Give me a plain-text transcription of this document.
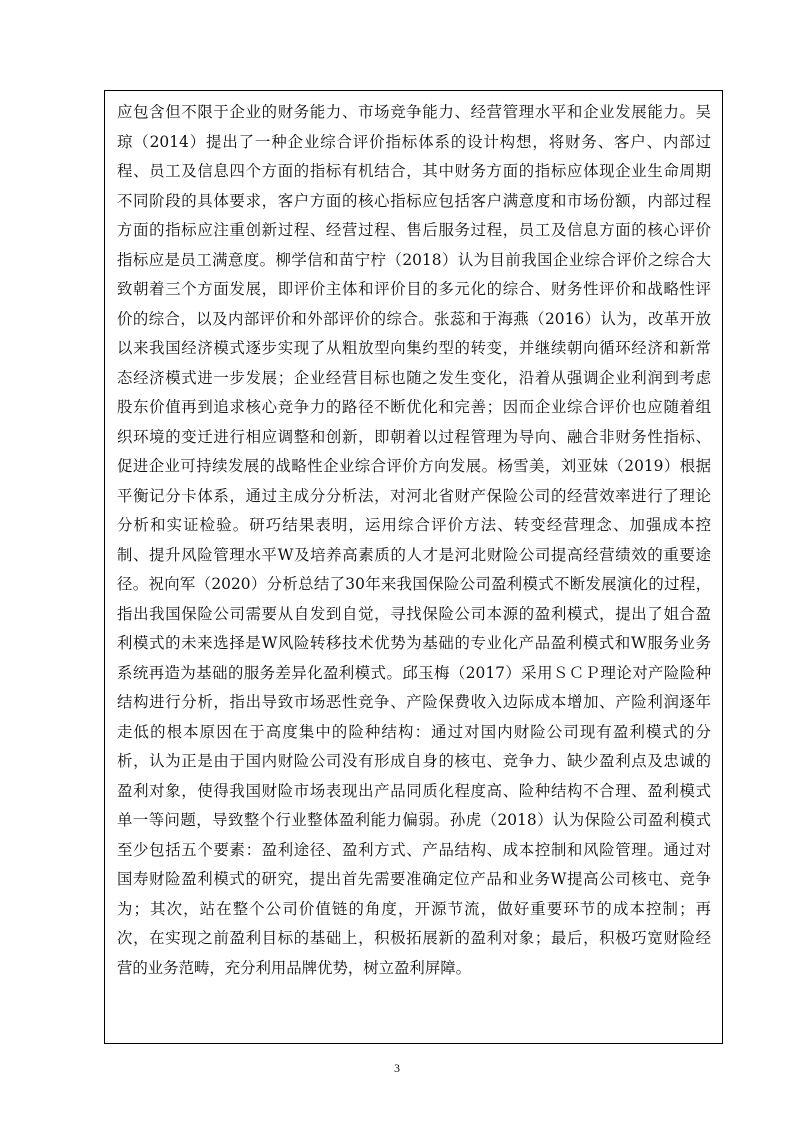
应包含但不限于企业的财务能力、市场竞争能力、经营管理水平和企业发展能力。吴
琼（2014）提出了一种企业综合评价指标体系的设计构想，将财务、客户、内部过
程、员工及信息四个方面的指标有机结合，其中财务方面的指标应体现企业生命周期
不同阶段的具体要求，客户方面的核心指标应包括客户满意度和市场份额，内部过程
方面的指标应注重创新过程、经营过程、售后服务过程，员工及信息方面的核心评价
指标应是员工满意度。柳学信和苗宁柠（2018）认为目前我国企业综合评价之综合大
致朝着三个方面发展，即评价主体和评价目的多元化的综合、财务性评价和战略性评
价的综合，以及内部评价和外部评价的综合。张蕊和于海燕（2016）认为，改革开放
以来我国经济模式逐步实现了从粗放型向集约型的转变，并继续朝向循环经济和新常
态经济模式进一步发展；企业经营目标也随之发生变化，沿着从强调企业利润到考虑
股东价值再到追求核心竞争力的路径不断优化和完善；因而企业综合评价也应随着组
织环境的变迁进行相应调整和创新，即朝着以过程管理为导向、融合非财务性指标、
促进企业可持续发展的战略性企业综合评价方向发展。杨雪美，刘亚妹（2019）根据
平衡记分卡体系，通过主成分分析法，对河北省财产保险公司的经营效率进行了理论
分析和实证检验。研巧结果表明，运用综合评价方法、转变经营理念、加强成本控
制、提升风险管理水平W及培养高素质的人才是河北财险公司提高经营绩效的重要途
径。祝向军（2020）分析总结了30年来我国保险公司盈利模式不断发展演化的过程，
指出我国保险公司需要从自发到自觉，寻找保险公司本源的盈利模式，提出了姐合盈
利模式的未来选择是W风险转移技术优势为基础的专业化产品盈利模式和W服务业务
系统再造为基础的服务差异化盈利模式。邱玉梅（2017）采用ＳＣＰ理论对产险险种
结构进行分析，指出导致市场恶性竞争、产险保费收入边际成本增加、产险利润逐年
走低的根本原因在于高度集中的险种结构：通过对国内财险公司现有盈利模式的分
析，认为正是由于国内财险公司没有形成自身的核屯、竞争力、缺少盈利点及忠诚的
盈利对象，使得我国财险市场表现出产品同质化程度高、险种结构不合理、盈利模式
单一等问题，导致整个行业整体盈利能力偏弱。孙虎（2018）认为保险公司盈利模式
至少包括五个要素：盈利途径、盈利方式、产品结构、成本控制和风险管理。通过对
国寿财险盈利模式的研究，提出首先需要准确定位产品和业务W提高公司核屯、竞争
为；其次，站在整个公司价值链的角度，开源节流，做好重要环节的成本控制；再
次，在实现之前盈利目标的基础上，积极拓展新的盈利对象；最后，积极巧宽财险经
营的业务范畴，充分利用品牌优势，树立盈利屏障。
3
